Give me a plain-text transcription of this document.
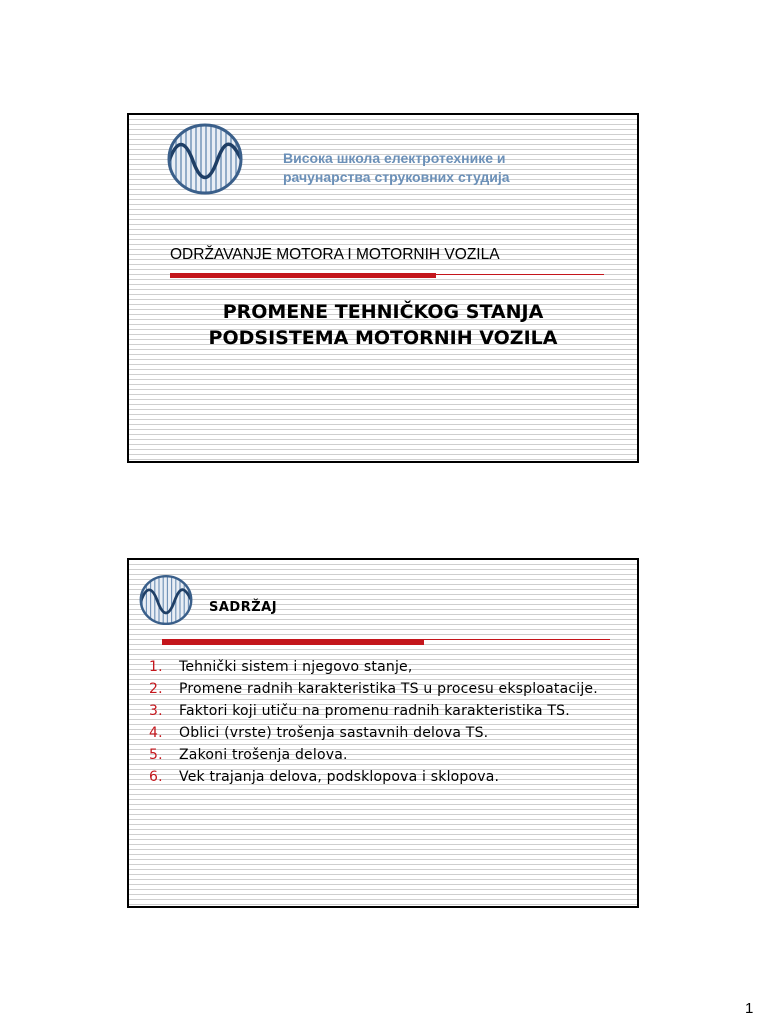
Висока школа електротехнике и
рачунарства струковних студија
ODRŽAVANJE MOTORA I MOTORNIH VOZILA
PROMENE TEHNIČKOG STANJA
PODSISTEMA MOTORNIH VOZILA
SADRŽAJ
1. Tehnički sistem i njegovo stanje,
2. Promene radnih karakteristika TS u procesu eksploatacije.
3. Faktori koji utiču na promenu radnih karakteristika TS.
4. Oblici (vrste) trošenja sastavnih delova TS.
5. Zakoni trošenja delova.
6. Vek trajanja delova, podsklopova i sklopova.
1
